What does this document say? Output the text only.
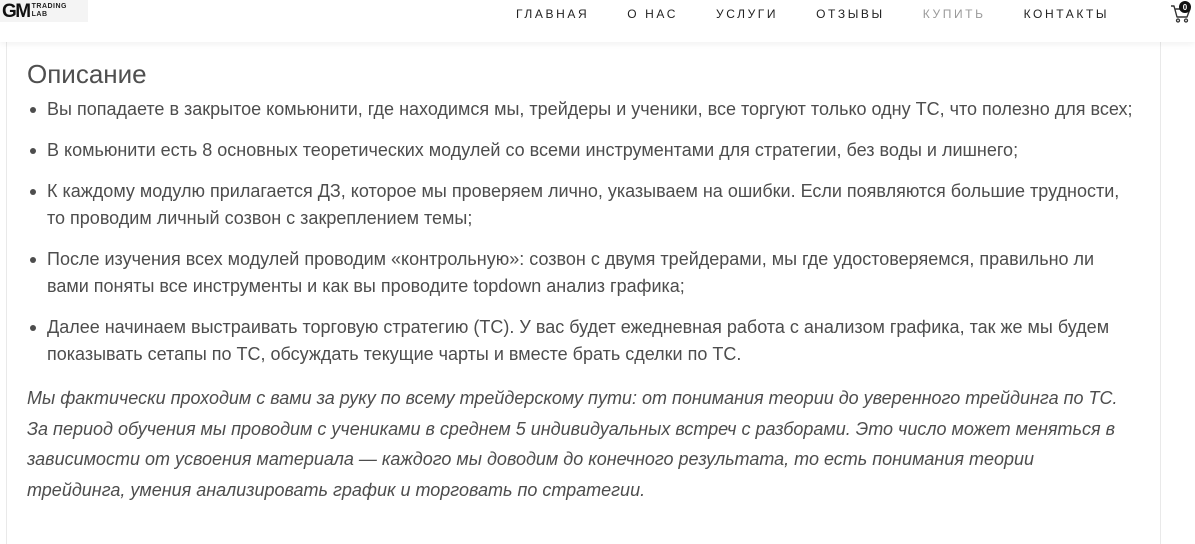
GM TRADING
LAB	ГЛАВНАЯ	О НАС	УСЛУГИ	ОТЗЫВЫ	КУПИТЬ	КОНТАКТЫ	0
Описание
Вы попадаете в закрытое комьюнити, где находимся мы, трейдеры и ученики, все торгуют только одну ТС, что полезно для всех;
В комьюнити есть 8 основных теоретических модулей со всеми инструментами для стратегии, без воды и лишнего;
К каждому модулю прилагается ДЗ, которое мы проверяем лично, указываем на ошибки. Если появляются большие трудности, то проводим личный созвон с закреплением темы;
После изучения всех модулей проводим «контрольную»: созвон с двумя трейдерами, мы где удостоверяемся, правильно ли вами поняты все инструменты и как вы проводите topdown анализ графика;
Далее начинаем выстраивать торговую стратегию (ТС). У вас будет ежедневная работа с анализом графика, так же мы будем показывать сетапы по ТС, обсуждать текущие чарты и вместе брать сделки по ТС.

Мы фактически проходим с вами за руку по всему трейдерскому пути: от понимания теории до уверенного трейдинга по ТС. За период обучения мы проводим с учениками в среднем 5 индивидуальных встреч с разборами. Это число может меняться в зависимости от усвоения материала — каждого мы доводим до конечного результата, то есть понимания теории трейдинга, умения анализировать график и торговать по стратегии.
